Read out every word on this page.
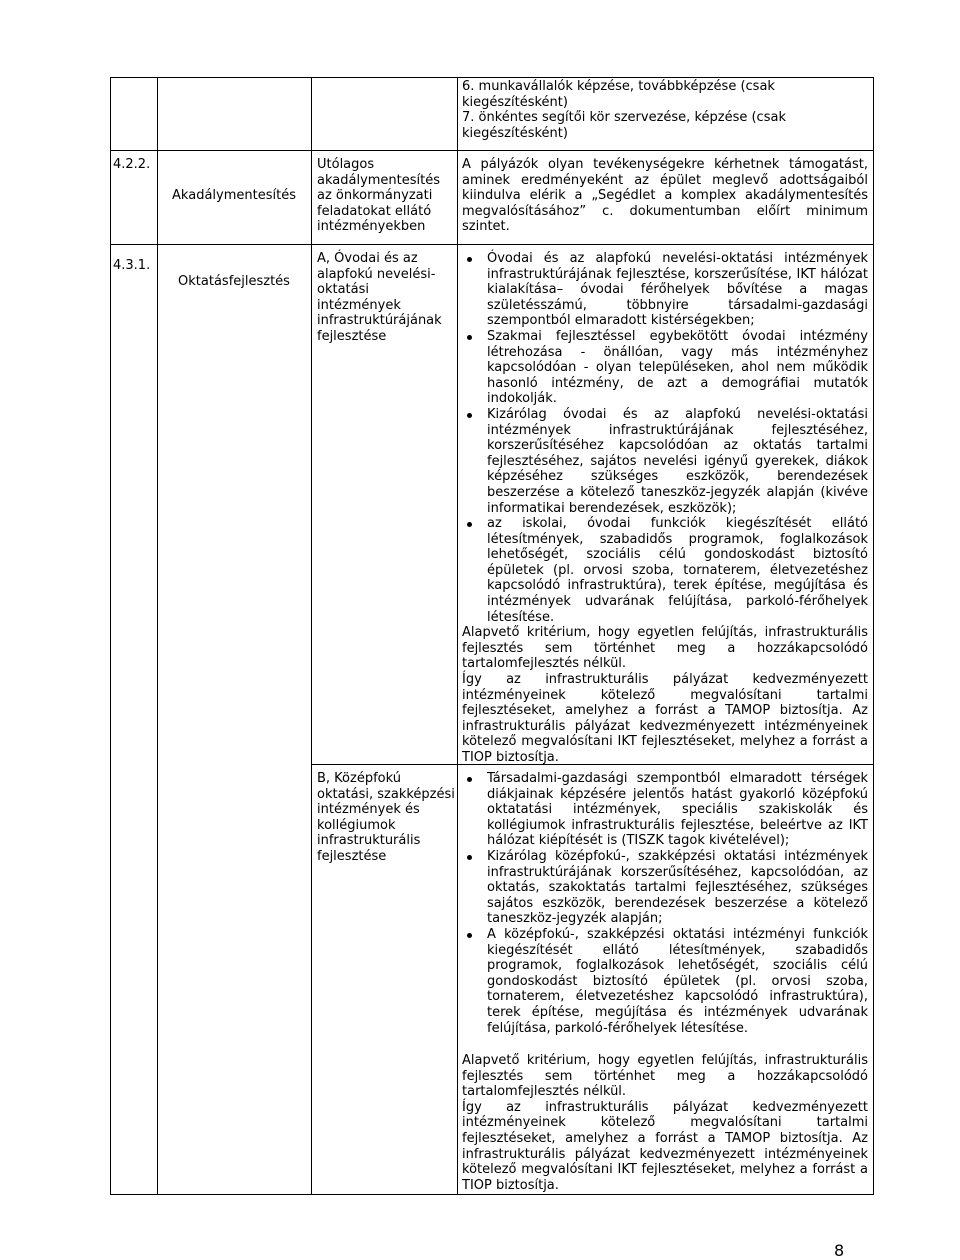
6. munkavállalók képzése, továbbképzése (csak kiegészítésként)
7. önkéntes segítői kör szervezése, képzése (csak kiegészítésként)
4.2.2.
Akadálymentesítés
Utólagos akadálymentesítés az önkormányzati feladatokat ellátó intézményekben
A pályázók olyan tevékenységekre kérhetnek támogatást, aminek eredményeként az épület meglevő adottságaiból kiindulva elérik a „Segédlet a komplex akadálymentesítés megvalósításához” c. dokumentumban előírt minimum szintet.
4.3.1.
Oktatásfejlesztés
A, Óvodai és az alapfokú nevelési-oktatási intézmények infrastruktúrájának fejlesztése
Óvodai és az alapfokú nevelési-oktatási intézmények infrastruktúrájának fejlesztése, korszerűsítése, IKT hálózat kialakítása– óvodai férőhelyek bővítése a magas születésszámú, többnyire társadalmi-gazdasági szempontból elmaradott kistérségekben;
Szakmai fejlesztéssel egybekötött óvodai intézmény létrehozása - önállóan, vagy más intézményhez kapcsolódóan - olyan településeken, ahol nem működik hasonló intézmény, de azt a demográfiai mutatók indokolják.
Kizárólag óvodai és az alapfokú nevelési-oktatási intézmények infrastruktúrájának fejlesztéséhez, korszerűsítéséhez kapcsolódóan az oktatás tartalmi fejlesztéséhez, sajátos nevelési igényű gyerekek, diákok képzéséhez szükséges eszközök, berendezések beszerzése a kötelező taneszköz-jegyzék alapján (kivéve informatikai berendezések, eszközök);
az iskolai, óvodai funkciók kiegészítését ellátó létesítmények, szabadidős programok, foglalkozások lehetőségét, szociális célú gondoskodást biztosító épületek (pl. orvosi szoba, tornaterem, életvezetéshez kapcsolódó infrastruktúra), terek építése, megújítása és intézmények udvarának felújítása, parkoló-férőhelyek létesítése.

Alapvető kritérium, hogy egyetlen felújítás, infrastrukturális fejlesztés sem történhet meg a hozzákapcsolódó tartalomfejlesztés nélkül.

Így az infrastrukturális pályázat kedvezményezett intézményeinek kötelező megvalósítani tartalmi fejlesztéseket, amelyhez a forrást a TAMOP biztosítja. Az infrastrukturális pályázat kedvezményezett intézményeinek kötelező megvalósítani IKT fejlesztéseket, melyhez a forrást a TIOP biztosítja.

B, Középfokú oktatási, szakképzési intézmények és kollégiumok infrastrukturális fejlesztése
Társadalmi-gazdasági szempontból elmaradott térségek diákjainak képzésére jelentős hatást gyakorló középfokú oktatatási intézmények, speciális szakiskolák és kollégiumok infrastrukturális fejlesztése, beleértve az IKT hálózat kiépítését is (TISZK tagok kivételével);
Kizárólag középfokú-, szakképzési oktatási intézmények infrastruktúrájának korszerűsítéséhez, kapcsolódóan, az oktatás, szakoktatás tartalmi fejlesztéséhez, szükséges sajátos eszközök, berendezések beszerzése a kötelező taneszköz-jegyzék alapján;
A középfokú-, szakképzési oktatási intézményi funkciók kiegészítését ellátó létesítmények, szabadidős programok, foglalkozások lehetőségét, szociális célú gondoskodást biztosító épületek (pl. orvosi szoba, tornaterem, életvezetéshez kapcsolódó infrastruktúra), terek építése, megújítása és intézmények udvarának felújítása, parkoló-férőhelyek létesítése.

Alapvető kritérium, hogy egyetlen felújítás, infrastrukturális fejlesztés sem történhet meg a hozzákapcsolódó tartalomfejlesztés nélkül.

Így az infrastrukturális pályázat kedvezményezett intézményeinek kötelező megvalósítani tartalmi fejlesztéseket, amelyhez a forrást a TAMOP biztosítja. Az infrastrukturális pályázat kedvezményezett intézményeinek kötelező megvalósítani IKT fejlesztéseket, melyhez a forrást a TIOP biztosítja.

8
